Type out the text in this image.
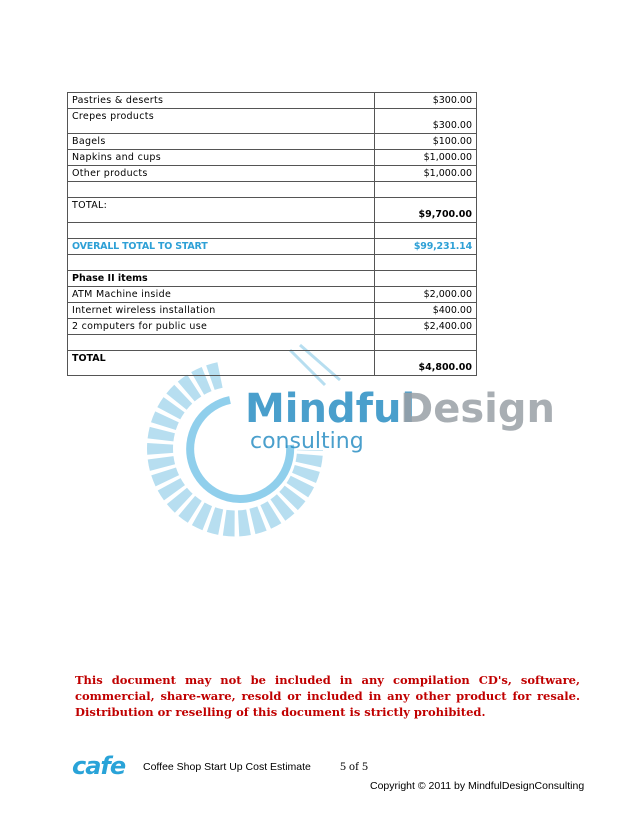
Mindful
Design
consulting
Pastries & deserts	$300.00
Crepes products	$300.00
Bagels	$100.00
Napkins and cups	$1,000.00
Other products	$1,000.00

TOTAL:	$9,700.00

OVERALL TOTAL TO START	$99,231.14

Phase II items	
ATM Machine inside	$2,000.00
Internet wireless installation	$400.00
2 computers for public use	$2,400.00

TOTAL	$4,800.00
This document may not be included in any compilation CD's, software, commercial, share-ware, resold or included in any other product for resale. Distribution or reselling of this document is strictly prohibited.
cafe Coffee Shop Start Up Cost Estimate 5 of 5
Copyright © 2011 by MindfulDesignConsulting
